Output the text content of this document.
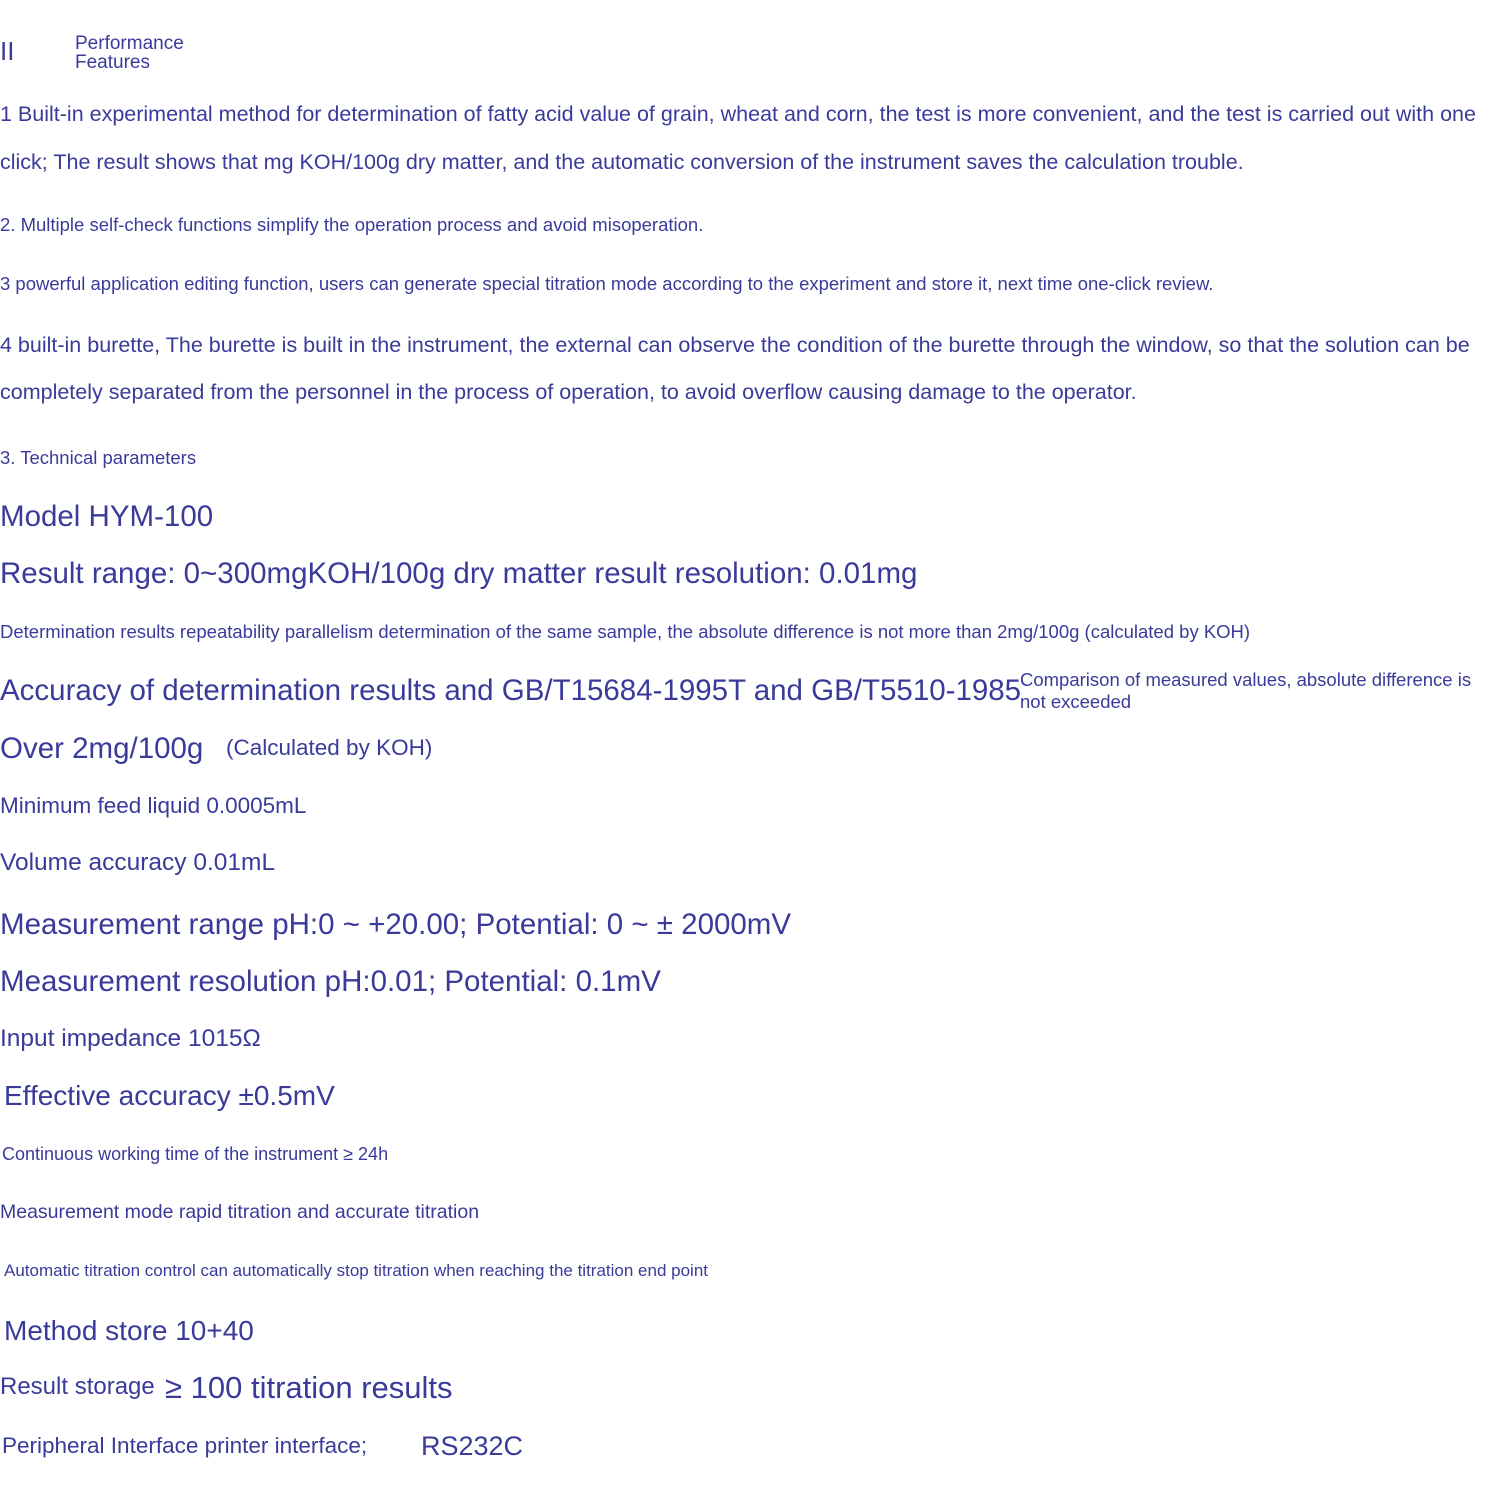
II	Performance Features

1 Built-in experimental method for determination of fatty acid value of grain, wheat and corn, the test is more convenient, and the test is carried out with one click; The result shows that mg KOH/100g dry matter, and the automatic conversion of the instrument saves the calculation trouble.

2. Multiple self-check functions simplify the operation process and avoid misoperation.

3 powerful application editing function, users can generate special titration mode according to the experiment and store it, next time one-click review.

4 built-in burette, The burette is built in the instrument, the external can observe the condition of the burette through the window, so that the solution can be completely separated from the personnel in the process of operation, to avoid overflow causing damage to the operator.

3. Technical parameters
Model HYM-100
Result range: 0~300mgKOH/100g dry matter result resolution: 0.01mg
Determination results repeatability parallelism determination of the same sample, the absolute difference is not more than 2mg/100g (calculated by KOH)
Accuracy of determination results and GB/T15684-1995T and GB/T5510-1985
Comparison of measured values, absolute difference is not exceeded
Over 2mg/100g (Calculated by KOH)
Minimum feed liquid 0.0005mL
Volume accuracy 0.01mL
Measurement range pH:0 ~ +20.00; Potential: 0 ~ ± 2000mV
Measurement resolution pH:0.01; Potential: 0.1mV
Input impedance 1015Ω
Effective accuracy ±0.5mV
Continuous working time of the instrument ≥ 24h
Measurement mode rapid titration and accurate titration
Automatic titration control can automatically stop titration when reaching the titration end point
Method store 10+40
Result storage ≥ 100 titration results
Peripheral Interface printer interface; RS232C
